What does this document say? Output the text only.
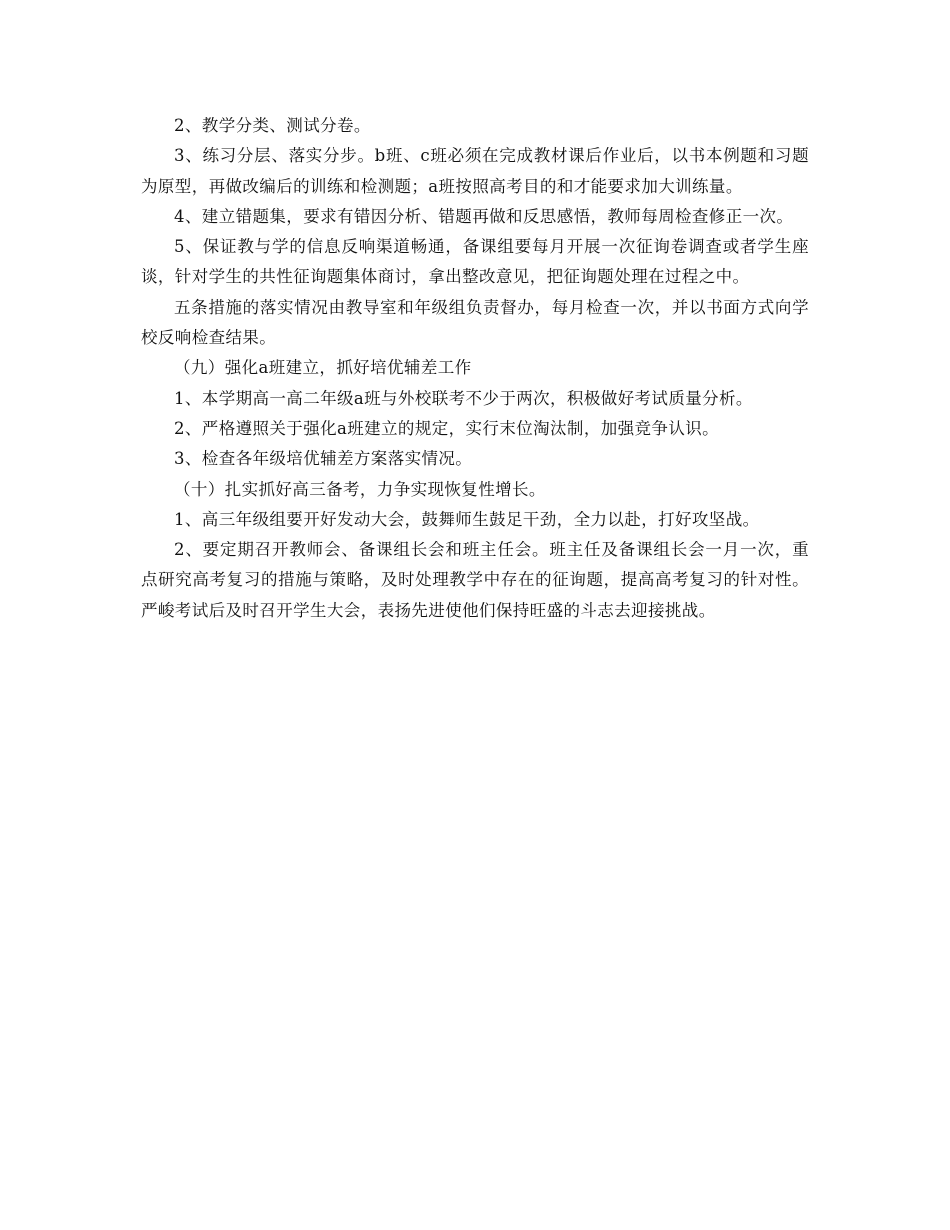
2、教学分类、测试分卷。

3、练习分层、落实分步。b班、c班必须在完成教材课后作业后，以书本例题和习题为原型，再做改编后的训练和检测题；a班按照高考目的和才能要求加大训练量。

4、建立错题集，要求有错因分析、错题再做和反思感悟，教师每周检查修正一次。

5、保证教与学的信息反响渠道畅通，备课组要每月开展一次征询卷调查或者学生座谈，针对学生的共性征询题集体商讨，拿出整改意见，把征询题处理在过程之中。

五条措施的落实情况由教导室和年级组负责督办，每月检查一次，并以书面方式向学校反响检查结果。

（九）强化a班建立，抓好培优辅差工作

1、本学期高一高二年级a班与外校联考不少于两次，积极做好考试质量分析。

2、严格遵照关于强化a班建立的规定，实行末位淘汰制，加强竞争认识。

3、检查各年级培优辅差方案落实情况。

（十）扎实抓好高三备考，力争实现恢复性增长。

1、高三年级组要开好发动大会，鼓舞师生鼓足干劲，全力以赴，打好攻坚战。

2、要定期召开教师会、备课组长会和班主任会。班主任及备课组长会一月一次，重点研究高考复习的措施与策略，及时处理教学中存在的征询题，提高高考复习的针对性。严峻考试后及时召开学生大会，表扬先进使他们保持旺盛的斗志去迎接挑战。
